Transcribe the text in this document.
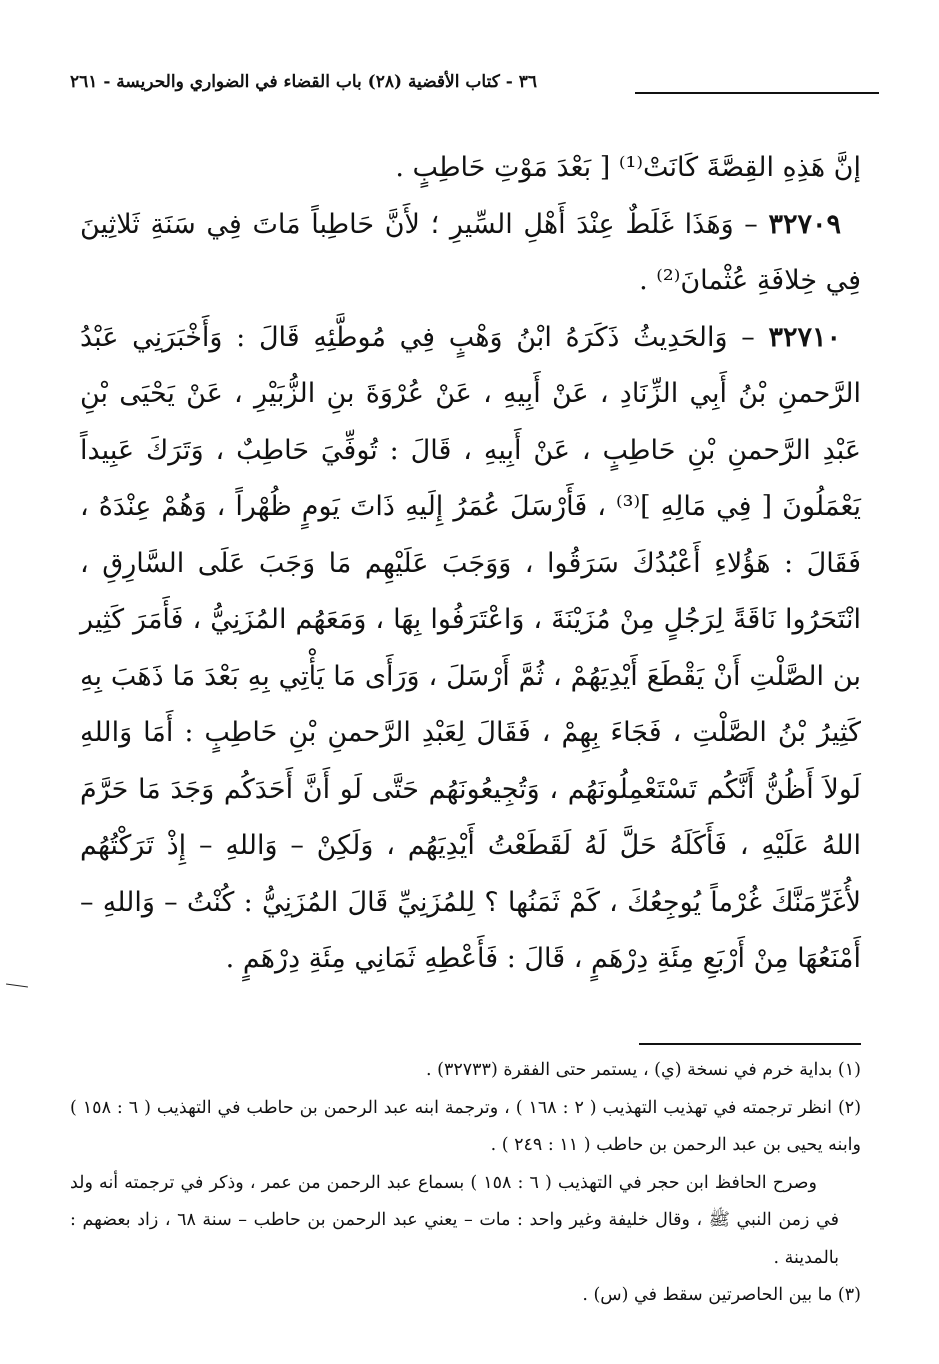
٣٦ - كتاب الأقضية (٢٨) باب القضاء في الضواري والحريسة - ٢٦١

إنَّ هَذِهِ القِصَّةَ كَانَتْ⁽¹⁾ [ بَعْدَ مَوْتِ حَاطِبٍ .

٣٢٧٠٩ – وَهَذَا غَلَطٌ عِنْدَ أَهْلِ السِّيرِ ؛ لأَنَّ حَاطِباً مَاتَ فِي سَنَةِ ثَلاثِينَ فِي خِلافَةِ عُثْمانَ⁽²⁾ .

٣٢٧١٠ – وَالحَدِيثُ ذَكَرَهُ ابْنُ وَهْبٍ فِي مُوطَّئِهِ قَالَ : وَأَخْبَرَنِي عَبْدُ الرَّحمنِ بْنُ أَبِي الزِّنَادِ ، عَنْ أَبِيهِ ، عَنْ عُرْوَةَ بنِ الزُّبَيْرِ ، عَنْ يَحْيَى بْنِ عَبْدِ الرَّحمنِ بْنِ حَاطِبٍ ، عَنْ أَبِيهِ ، قَالَ : تُوفِّيَ حَاطِبٌ ، وَتَرَكَ عَبِيداً يَعْمَلُونَ [ فِي مَالِهِ ]⁽³⁾ ، فَأَرْسَلَ عُمَرُ إِلَيهِ ذَاتَ يَومٍ ظُهْراً ، وَهُمْ عِنْدَهُ ، فَقَالَ : هَؤُلاءِ أَعْبُدُكَ سَرَقُوا ، وَوَجَبَ عَلَيْهِم مَا وَجَبَ عَلَى السَّارِقِ ، انْتَحَرُوا نَاقَةً لِرَجُلٍ مِنْ مُزَيْنَةَ ، وَاعْتَرَفُوا بِهَا ، وَمَعَهُم المُزَنِيُّ ، فَأَمَرَ كَثِير بن الصَّلْتِ أَنْ يَقْطَعَ أَيْدِيَهُمْ ، ثُمَّ أَرْسَلَ ، وَرَأَى مَا يَأْتِي بِهِ بَعْدَ مَا ذَهَبَ بِهِ كَثِيرُ بْنُ الصَّلْتِ ، فَجَاءَ بِهِمْ ، فَقَالَ لِعَبْدِ الرَّحمنِ بْنِ حَاطِبٍ : أَمَا وَاللهِ لَولاَ أَظُنُّ أَنَّكُم تَسْتَعْمِلُونَهُم ، وَتُجِيعُونَهُم حَتَّى لَو أَنَّ أَحَدَكُم وَجَدَ مَا حَرَّمَ اللهُ عَلَيْهِ ، فَأَكَلَهُ حَلَّ لَهُ لَقَطَعْتُ أَيْدِيَهُم ، وَلَكِنْ – وَاللهِ – إِذْ تَرَكْتُهُم لأُغَرِّمَنَّكَ غُرْماً يُوجِعُكَ ، كَمْ ثَمَنُها ؟ لِلمُزَنِيِّ قَالَ المُزَنِيُّ : كُنْتُ – وَاللهِ – أَمْنَعُهَا مِنْ أَرْبَعِ مِئَةِ دِرْهَمٍ ، قَالَ : فَأَعْطِهِ ثَمَانِي مِئَةِ دِرْهَمٍ .

(١) بداية خرم في نسخة (ي) ، يستمر حتى الفقرة (٣٢٧٣٣) .

(٢) انظر ترجمته في تهذيب التهذيب ( ٢ : ١٦٨ ) ، وترجمة ابنه عبد الرحمن بن حاطب في التهذيب ( ٦ : ١٥٨ ) وابنه يحيى بن عبد الرحمن بن حاطب ( ١١ : ٢٤٩ ) .

وصرح الحافظ ابن حجر في التهذيب ( ٦ : ١٥٨ ) بسماع عبد الرحمن من عمر ، وذكر في ترجمته أنه ولد في زمن النبي ﷺ ، وقال خليفة وغير واحد : مات – يعني عبد الرحمن بن حاطب – سنة ٦٨ ، زاد بعضهم : بالمدينة .

(٣) ما بين الحاصرتين سقط في (س) .
